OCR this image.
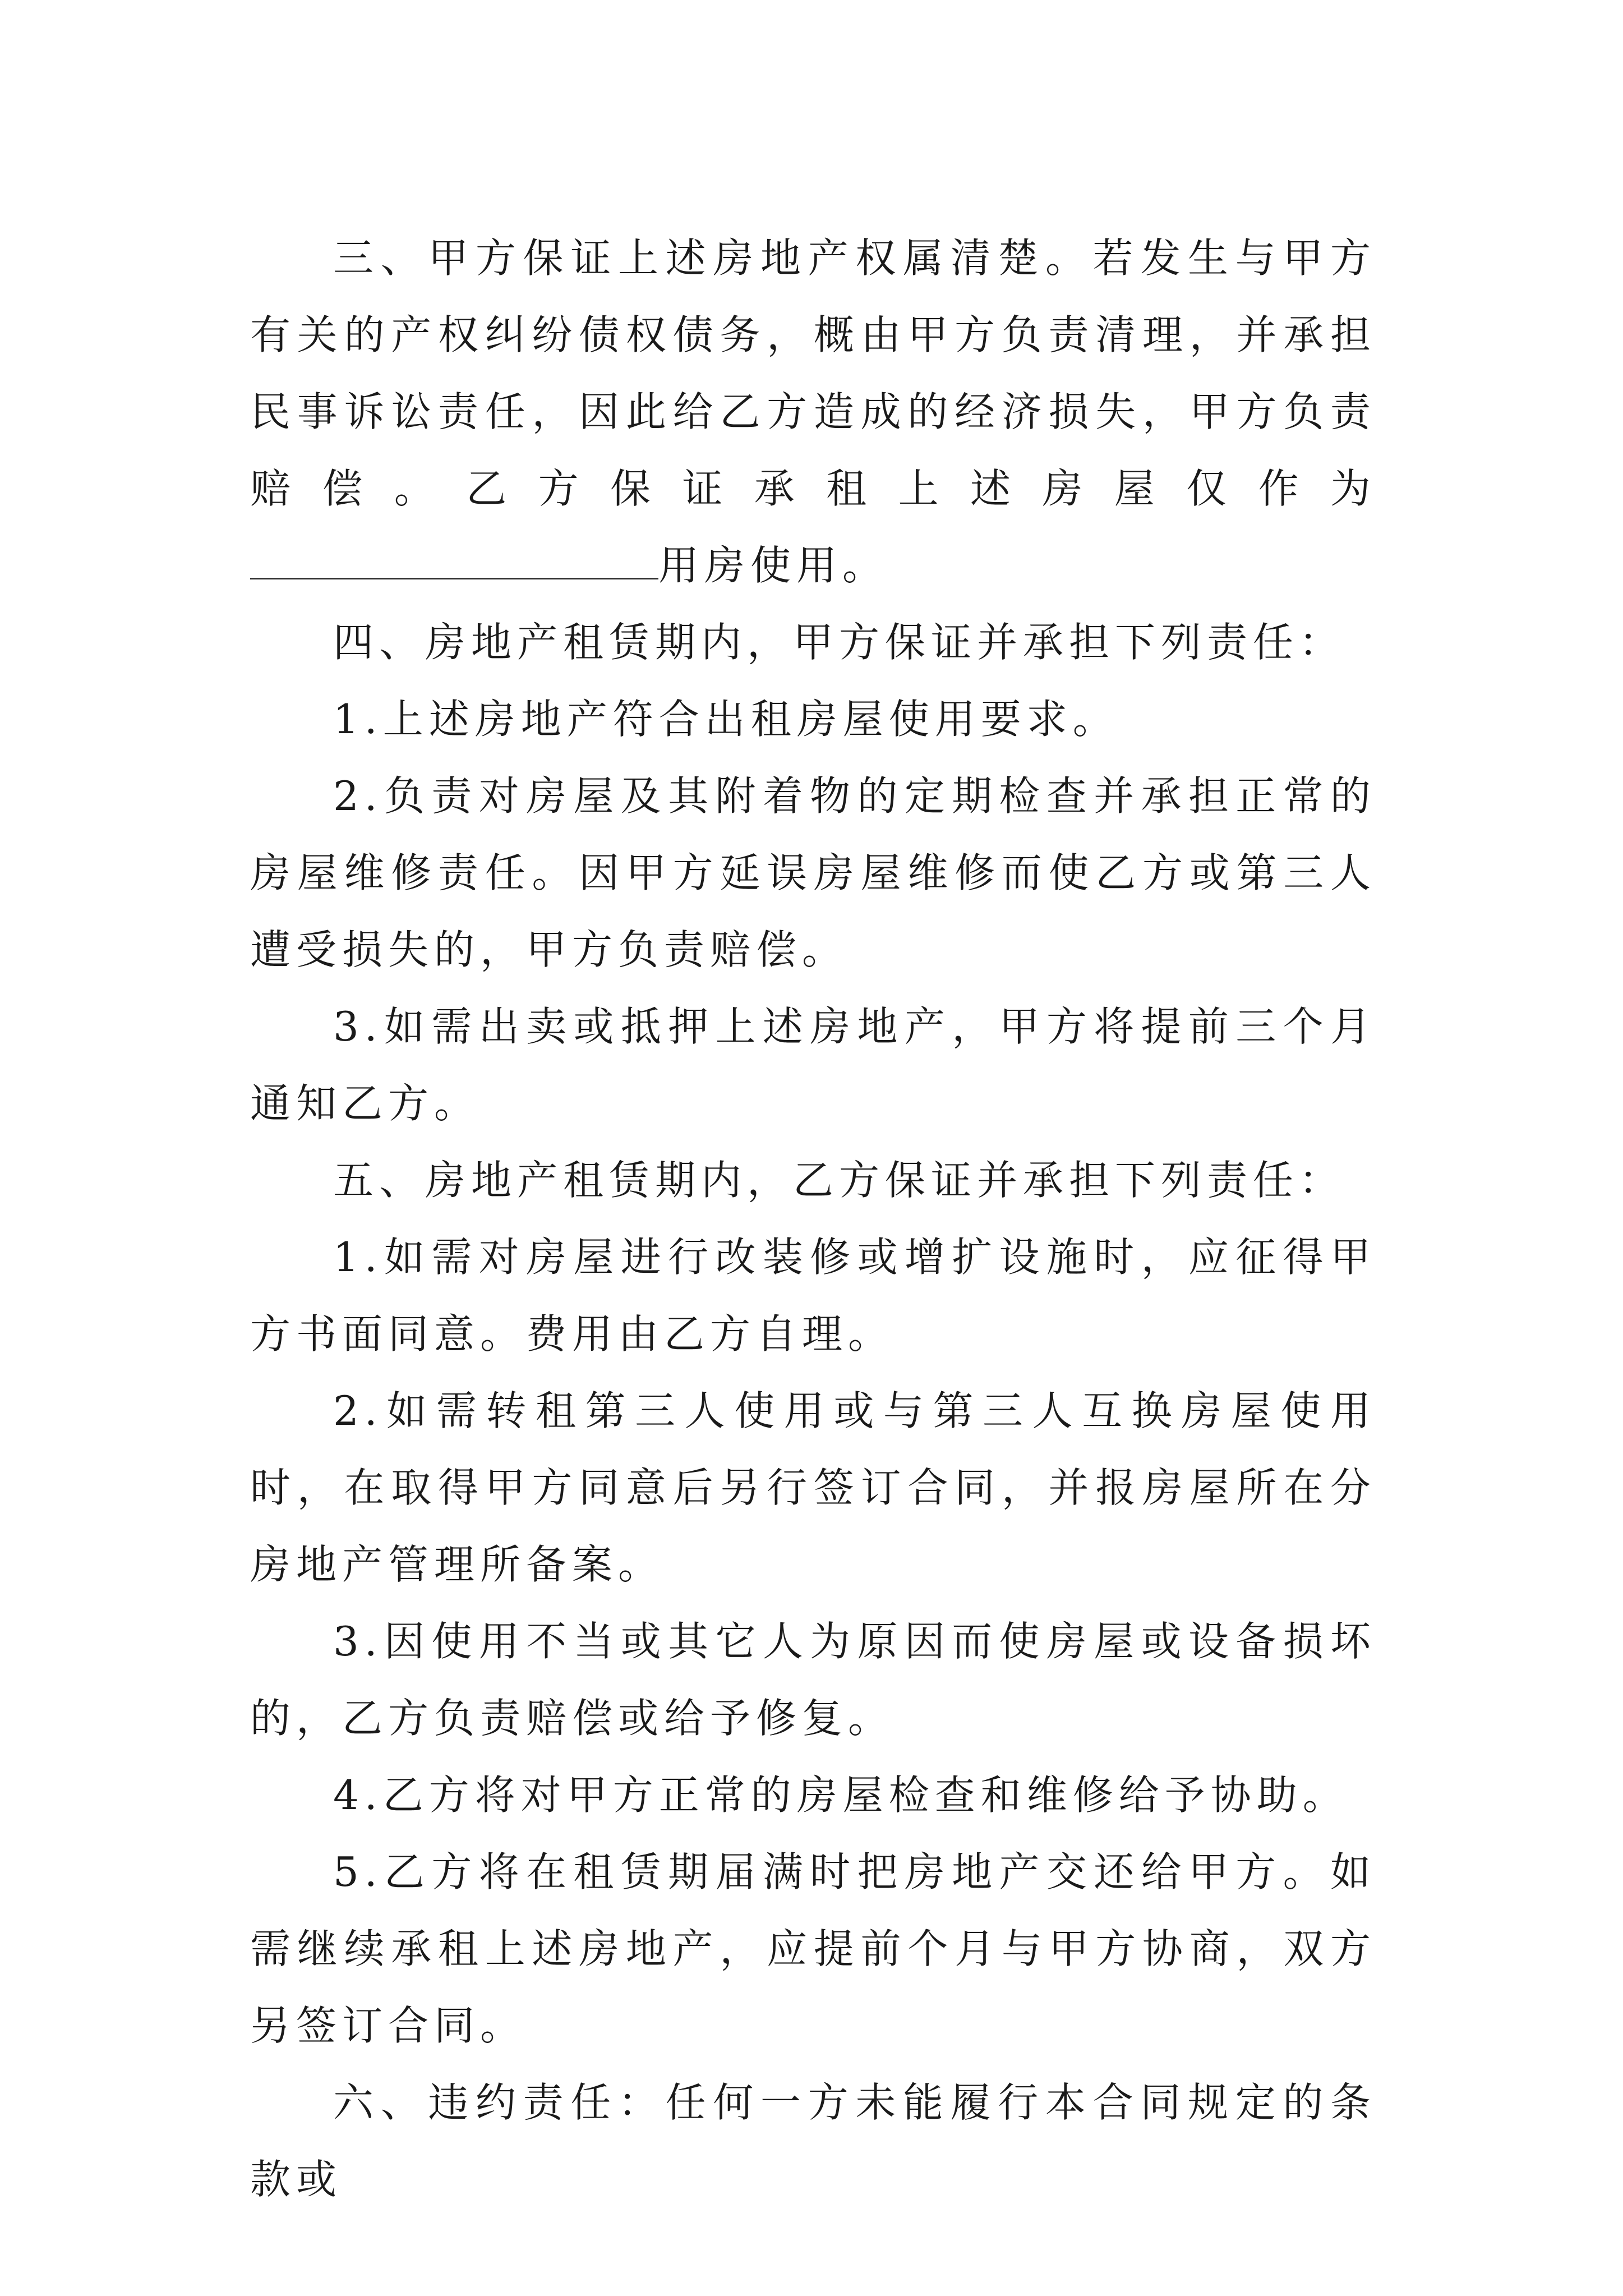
三、甲方保证上述房地产权属清楚。若发生与甲方有关的产权纠纷债权债务，概由甲方负责清理，并承担民事诉讼责任，因此给乙方造成的经济损失，甲方负责赔偿。乙方保证承租上述房屋仅作为用房使用。

四、房地产租赁期内，甲方保证并承担下列责任：

1.上述房地产符合出租房屋使用要求。

2.负责对房屋及其附着物的定期检查并承担正常的房屋维修责任。因甲方延误房屋维修而使乙方或第三人遭受损失的，甲方负责赔偿。

3.如需出卖或抵押上述房地产，甲方将提前三个月通知乙方。

五、房地产租赁期内，乙方保证并承担下列责任：

1.如需对房屋进行改装修或增扩设施时，应征得甲方书面同意。费用由乙方自理。

2.如需转租第三人使用或与第三人互换房屋使用时，在取得甲方同意后另行签订合同，并报房屋所在分房地产管理所备案。

3.因使用不当或其它人为原因而使房屋或设备损坏的，乙方负责赔偿或给予修复。

4.乙方将对甲方正常的房屋检查和维修给予协助。

5.乙方将在租赁期届满时把房地产交还给甲方。如需继续承租上述房地产，应提前个月与甲方协商，双方另签订合同。

六、违约责任：任何一方未能履行本合同规定的条款或
